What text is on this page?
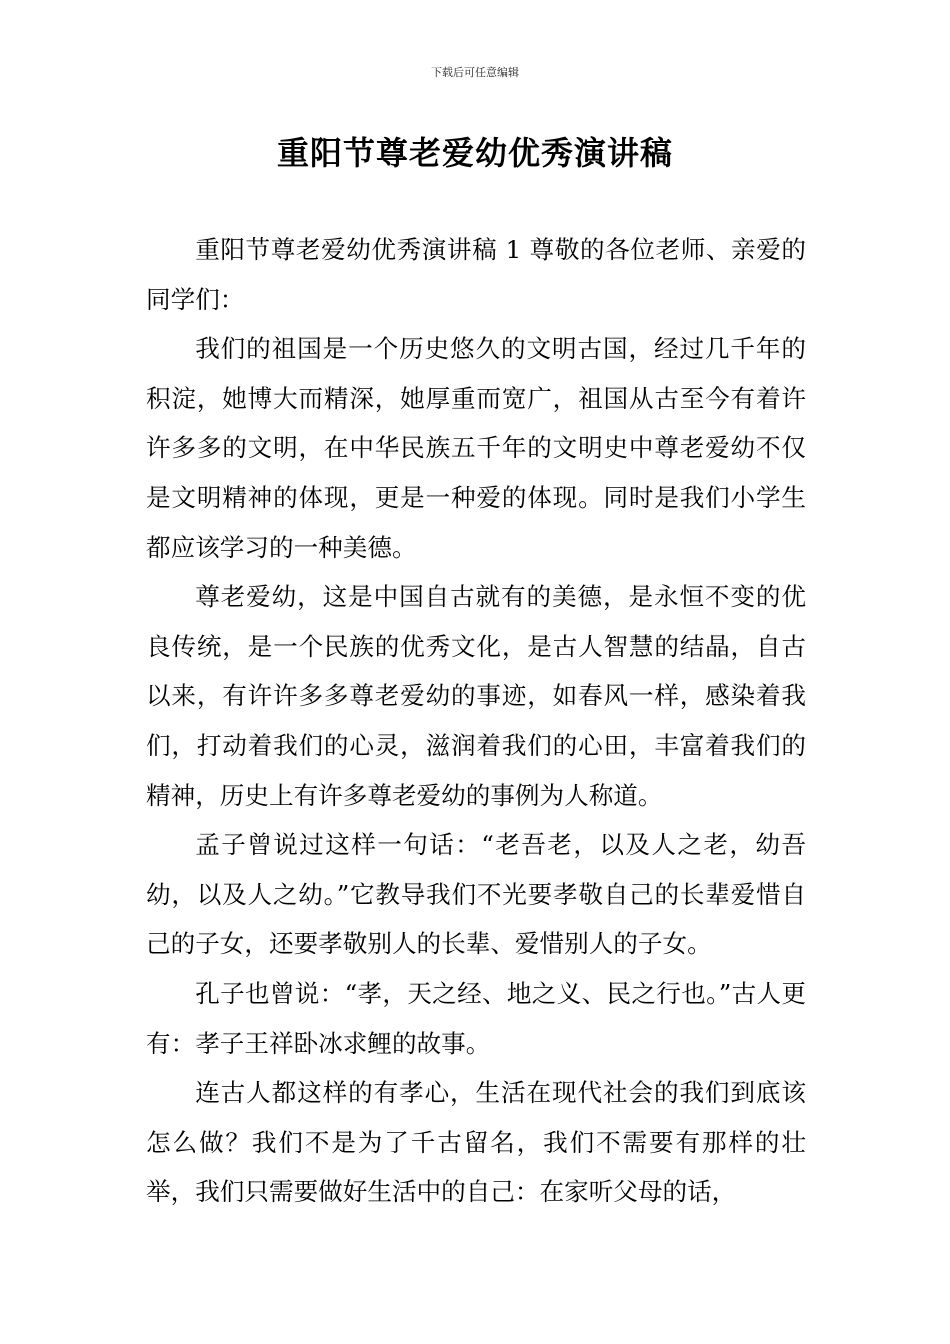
下载后可任意编辑
重阳节尊老爱幼优秀演讲稿

重阳节尊老爱幼优秀演讲稿 1 尊敬的各位老师、亲爱的同学们：

我们的祖国是一个历史悠久的文明古国，经过几千年的积淀，她博大而精深，她厚重而宽广，祖国从古至今有着许许多多的文明，在中华民族五千年的文明史中尊老爱幼不仅是文明精神的体现，更是一种爱的体现。同时是我们小学生都应该学习的一种美德。

尊老爱幼，这是中国自古就有的美德，是永恒不变的优良传统，是一个民族的优秀文化，是古人智慧的结晶，自古以来，有许许多多尊老爱幼的事迹，如春风一样，感染着我们，打动着我们的心灵，滋润着我们的心田，丰富着我们的精神，历史上有许多尊老爱幼的事例为人称道。

孟子曾说过这样一句话：“老吾老，以及人之老，幼吾幼，以及人之幼。”它教导我们不光要孝敬自己的长辈爱惜自己的子女，还要孝敬别人的长辈、爱惜别人的子女。

孔子也曾说：“孝，天之经、地之义、民之行也。”古人更有：孝子王祥卧冰求鲤的故事。

连古人都这样的有孝心，生活在现代社会的我们到底该怎么做？我们不是为了千古留名，我们不需要有那样的壮举，我们只需要做好生活中的自己：在家听父母的话，
